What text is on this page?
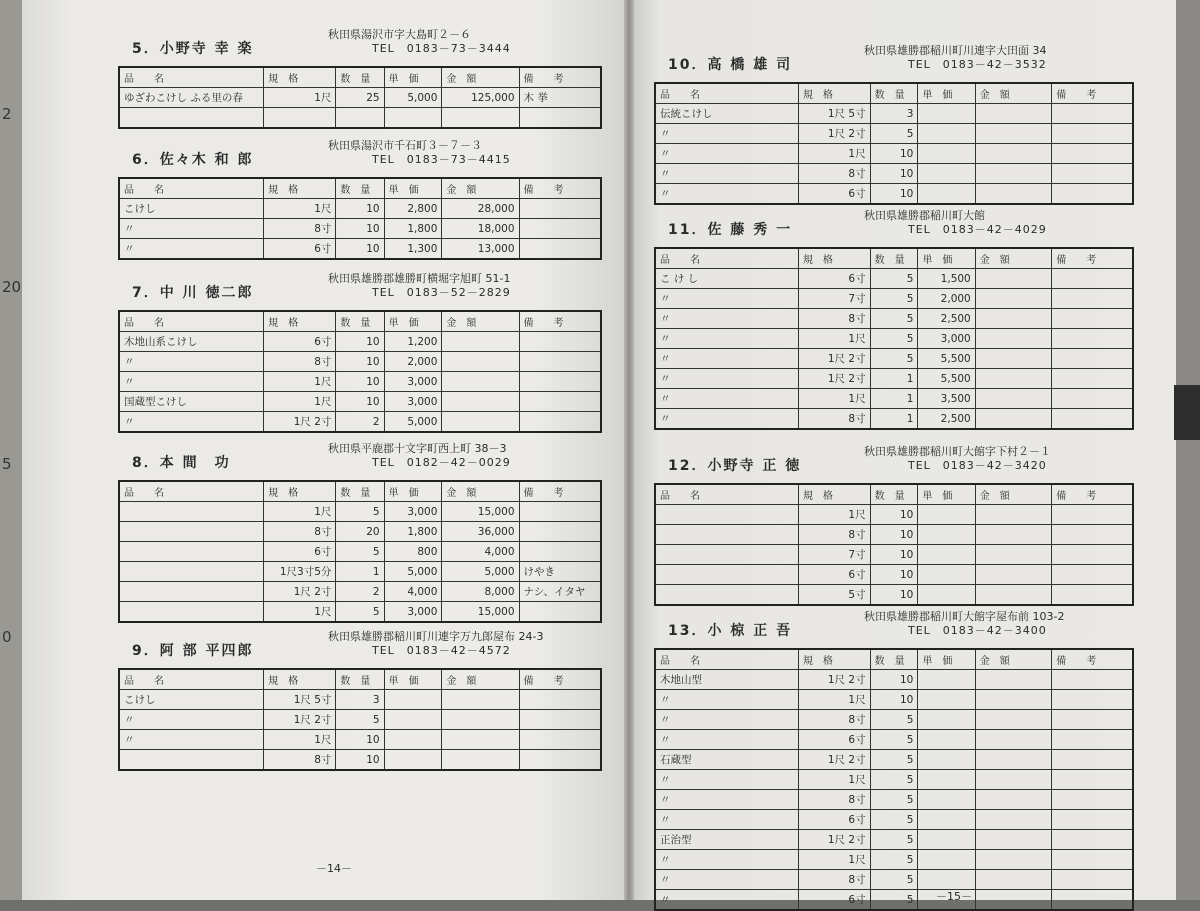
2
20
5
0
5．小野寺 幸 楽
秋田県湯沢市字大島町２－６
TEL　0183－73－3444
品　　名	規　格	数　量	単　価	金　額	備　　考
ゆざわこけし ふる里の春	1尺	25	5,000	125,000	木 挙

6．佐々木 和 郎
秋田県湯沢市千石町３－７－３
TEL　0183－73－4415
品　　名	規　格	数　量	単　価	金　額	備　　考
こけし	1尺	10	2,800	28,000	
〃	8寸	10	1,800	18,000	
〃	6寸	10	1,300	13,000	
7．中 川 徳二郎
秋田県雄勝郡雄勝町横堀字旭町 51-1
TEL　0183－52－2829
品　　名	規　格	数　量	単　価	金　額	備　　考
木地山系こけし	6寸	10	1,200		
〃	8寸	10	2,000		
〃	1尺	10	3,000		
国蔵型こけし	1尺	10	3,000		
〃	1尺 2寸	2	5,000		
8．本 間　功
秋田県平鹿郡十文字町西上町 38－3
TEL　0182－42－0029
品　　名	規　格	数　量	単　価	金　額	備　　考
	1尺	5	3,000	15,000	
	8寸	20	1,800	36,000	
	6寸	5	800	4,000	
	1尺3寸5分	1	5,000	5,000	けやき
	1尺 2寸	2	4,000	8,000	ナシ、イタヤ
	1尺	5	3,000	15,000	
9．阿 部 平四郎
秋田県雄勝郡稲川町川連字万九郎屋布 24-3
TEL　0183－42－4572
品　　名	規　格	数　量	単　価	金　額	備　　考
こけし	1尺 5寸	3			
〃	1尺 2寸	5			
〃	1尺	10			
	8寸	10			
10．高 橋 雄 司
秋田県雄勝郡稲川町川連字大田面 34
TEL　0183－42－3532
品　　名	規　格	数　量	単　価	金　額	備　　考
伝統こけし	1尺 5寸	3			
〃	1尺 2寸	5			
〃	1尺	10			
〃	8寸	10			
〃	6寸	10			
11．佐 藤 秀 一
秋田県雄勝郡稲川町大館
TEL　0183－42－4029
品　　名	規　格	数　量	単　価	金　額	備　　考
こ け し	6寸	5	1,500		
〃	7寸	5	2,000		
〃	8寸	5	2,500		
〃	1尺	5	3,000		
〃	1尺 2寸	5	5,500		
〃	1尺 2寸	1	5,500		
〃	1尺	1	3,500		
〃	8寸	1	2,500		
12．小野寺 正 徳
秋田県雄勝郡稲川町大館字下村２－１
TEL　0183－42－3420
品　　名	規　格	数　量	単　価	金　額	備　　考
	1尺	10			
	8寸	10			
	7寸	10			
	6寸	10			
	5寸	10			
13．小 椋 正 吾
秋田県雄勝郡稲川町大館字屋布前 103-2
TEL　0183－42－3400
品　　名	規　格	数　量	単　価	金　額	備　　考
木地山型	1尺 2寸	10			
〃	1尺	10			
〃	8寸	5			
〃	6寸	5			
石蔵型	1尺 2寸	5			
〃	1尺	5			
〃	8寸	5			
〃	6寸	5			
正治型	1尺 2寸	5			
〃	1尺	5			
〃	8寸	5			
〃	6寸	5			
－14－
－15－
